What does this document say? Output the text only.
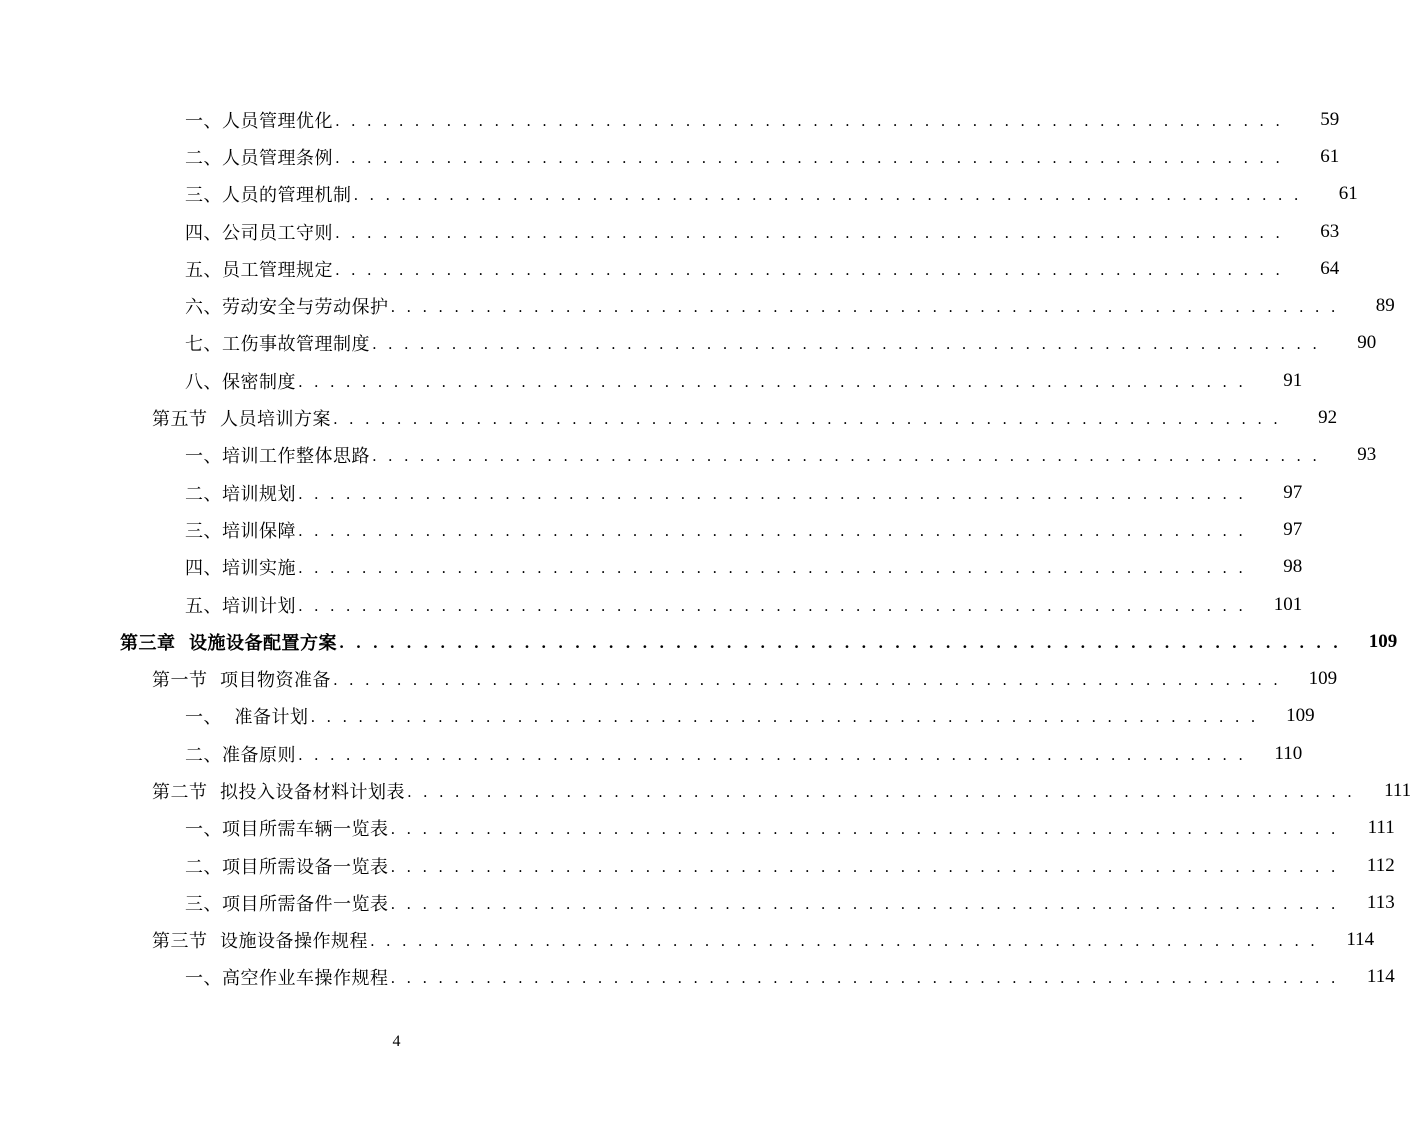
一、人员管理优化 . . . . . . . . . . . . . . . . . . . . . . . . . . . . . . . . . . . . . . . . . . . . . . . . . . . . . . . . . . . .	59
二、人员管理条例 . . . . . . . . . . . . . . . . . . . . . . . . . . . . . . . . . . . . . . . . . . . . . . . . . . . . . . . . . . . .	61
三、人员的管理机制 . . . . . . . . . . . . . . . . . . . . . . . . . . . . . . . . . . . . . . . . . . . . . . . . . . . . . . . . . . . .	61
四、公司员工守则 . . . . . . . . . . . . . . . . . . . . . . . . . . . . . . . . . . . . . . . . . . . . . . . . . . . . . . . . . . . .	63
五、员工管理规定 . . . . . . . . . . . . . . . . . . . . . . . . . . . . . . . . . . . . . . . . . . . . . . . . . . . . . . . . . . . .	64
六、劳动安全与劳动保护 . . . . . . . . . . . . . . . . . . . . . . . . . . . . . . . . . . . . . . . . . . . . . . . . . . . . . . . . . . . .	89
七、工伤事故管理制度 . . . . . . . . . . . . . . . . . . . . . . . . . . . . . . . . . . . . . . . . . . . . . . . . . . . . . . . . . . . .	90
八、保密制度 . . . . . . . . . . . . . . . . . . . . . . . . . . . . . . . . . . . . . . . . . . . . . . . . . . . . . . . . . . . .	91
第五节  人员培训方案 . . . . . . . . . . . . . . . . . . . . . . . . . . . . . . . . . . . . . . . . . . . . . . . . . . . . . . . . . . . .	92
一、培训工作整体思路 . . . . . . . . . . . . . . . . . . . . . . . . . . . . . . . . . . . . . . . . . . . . . . . . . . . . . . . . . . . .	93
二、培训规划 . . . . . . . . . . . . . . . . . . . . . . . . . . . . . . . . . . . . . . . . . . . . . . . . . . . . . . . . . . . .	97
三、培训保障 . . . . . . . . . . . . . . . . . . . . . . . . . . . . . . . . . . . . . . . . . . . . . . . . . . . . . . . . . . . .	97
四、培训实施 . . . . . . . . . . . . . . . . . . . . . . . . . . . . . . . . . . . . . . . . . . . . . . . . . . . . . . . . . . . .	98
五、培训计划 . . . . . . . . . . . . . . . . . . . . . . . . . . . . . . . . . . . . . . . . . . . . . . . . . . . . . . . . . . . .	101
第三章  设施设备配置方案 . . . . . . . . . . . . . . . . . . . . . . . . . . . . . . . . . . . . . . . . . . . . . . . . . . . . . . . . . . . .	109
第一节  项目物资准备 . . . . . . . . . . . . . . . . . . . . . . . . . . . . . . . . . . . . . . . . . . . . . . . . . . . . . . . . . . . .	109
一、  准备计划 . . . . . . . . . . . . . . . . . . . . . . . . . . . . . . . . . . . . . . . . . . . . . . . . . . . . . . . . . . . .	109
二、准备原则 . . . . . . . . . . . . . . . . . . . . . . . . . . . . . . . . . . . . . . . . . . . . . . . . . . . . . . . . . . . .	110
第二节  拟投入设备材料计划表 . . . . . . . . . . . . . . . . . . . . . . . . . . . . . . . . . . . . . . . . . . . . . . . . . . . . . . . . . . . .	111
一、项目所需车辆一览表 . . . . . . . . . . . . . . . . . . . . . . . . . . . . . . . . . . . . . . . . . . . . . . . . . . . . . . . . . . . .	111
二、项目所需设备一览表 . . . . . . . . . . . . . . . . . . . . . . . . . . . . . . . . . . . . . . . . . . . . . . . . . . . . . . . . . . . .	112
三、项目所需备件一览表 . . . . . . . . . . . . . . . . . . . . . . . . . . . . . . . . . . . . . . . . . . . . . . . . . . . . . . . . . . . .	113
第三节  设施设备操作规程 . . . . . . . . . . . . . . . . . . . . . . . . . . . . . . . . . . . . . . . . . . . . . . . . . . . . . . . . . . . .	114
一、高空作业车操作规程 . . . . . . . . . . . . . . . . . . . . . . . . . . . . . . . . . . . . . . . . . . . . . . . . . . . . . . . . . . . .	114
4
